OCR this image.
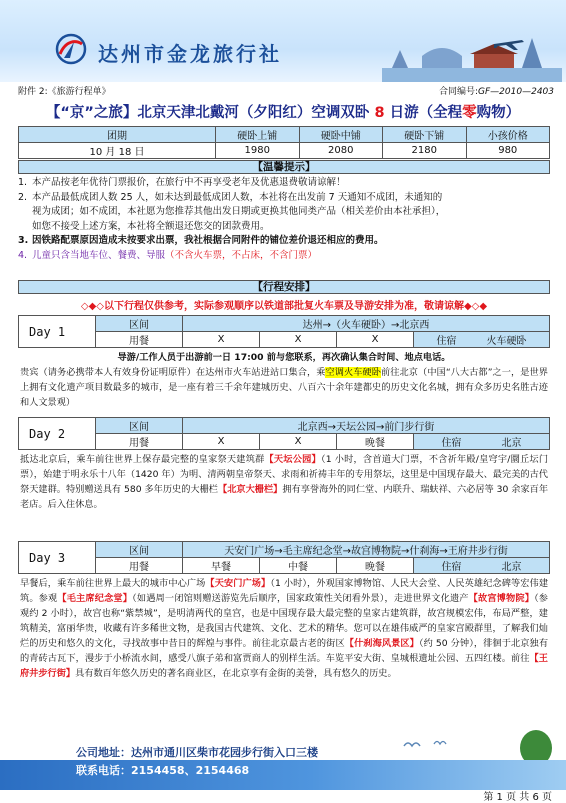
达州市金龙旅行社
附件 2:《旅游行程单》	合同编号:GF—2010—2403
【“京”之旅】北京天津北戴河（夕阳红）空调双卧 8 日游（全程零购物）
团期	硬卧上铺	硬卧中铺	硬卧下铺	小孩价格
10 月 18 日	1980	2080	2180	980
【温馨提示】
1. 本产品按老年优待门票报价，在旅行中不再享受老年及优惠退费敬请谅解！
2. 本产品最低成团人数 25 人，如未达到最低成团人数，本社将在出发前 7 天通知不成团，未通知的
视为成团；如不成团，本社愿为您推荐其他出发日期或更换其他同类产品（相关差价由本社承担），
如您不接受上述方案，本社将全额退还您交的团款费用。
3. 因铁路配票原因造成未按要求出票，我社根据合同附件的铺位差价退还相应的费用。
4. 儿童只含当地车位、餐费、导服 （不含火车票，不占床，不含门票）
【行程安排】
◇◆◇以下行程仅供参考，实际参观顺序以铁道部批复火车票及导游安排为准，敬请谅解◆◇◆
Day 1	区间	达州→（火车硬卧）→北京西			
	用餐	X	X	X	住宿 火车硬卧
导游/工作人员于出游前一日 17:00 前与您联系，再次确认集合时间、地点电话。
贵宾（请务必携带本人有效身份证明原件）在达州市火车站进站口集合，乘空调火车硬卧前往北京（中国“八大古都”之一，是世界上拥有文化遗产项目数最多的城市，是一座有着三千余年建城历史、八百六十余年建都史的历史文化名城，拥有众多历史名胜古迹和人文景观）
Day 2	区间	北京西→天坛公园→前门步行街			
	用餐	X	X	晚餐	住宿 北京
抵达北京后，乘车前往世界上保存最完整的皇家祭天建筑群【天坛公园】（1 小时，含首道大门票，不含祈年殿/皇穹宇/圜丘坛门票），始建于明永乐十八年（1420 年）为明、清两朝皇帝祭天、求雨和祈祷丰年的专用祭坛，这里是中国现存最大、最完美的古代祭天建群。特别赠送具有 580 多年历史的大栅栏【北京大栅栏】拥有享誉海外的同仁堂、内联升、瑞蚨祥、六必居等 30 余家百年老店。后入住休息。
Day 3	区间	天安门广场→毛主席纪念堂→故宫博物院→什刹海→王府井步行街			
	用餐	早餐	中餐	晚餐	住宿 北京
早餐后，乘车前往世界上最大的城市中心广场【天安门广场】（1 小时），外观国家博物馆、人民大会堂、人民英雄纪念碑等宏伟建筑。参观【毛主席纪念堂】（如遇周一闭馆则赠送游览先后顺序，国家政策性关闭看外景），走进世界文化遗产【故宫博物院】（参观约 2 小时），故宫也称“紫禁城”，是明清两代的皇宫，也是中国现存最大最完整的皇家古建筑群，故宫规模宏伟，布局严整，建筑精美，富丽华贵，收藏有许多稀世文物，是我国古代建筑、文化、艺术的精华。您可以在雄伟威严的皇家宫殿群里，了解我们灿烂的历史和悠久的文化，寻找故事中昔日的辉煌与事件。前往北京最古老的街区【什刹海风景区】（约 50 分钟），徘徊于北京独有的青砖古瓦下，漫步于小桥流水间，感受八旗子弟和富贾商人的别样生活。车览平安大街、皇城根遗址公园、五四红楼。前往【王府井步行街】具有数百年悠久历史的著名商业区，在北京享有金街的美誉，具有悠久的历史。
公司地址：达州市通川区柴市花园步行街入口三楼
联系电话：2154458、2154468
第 1 页 共 6 页
